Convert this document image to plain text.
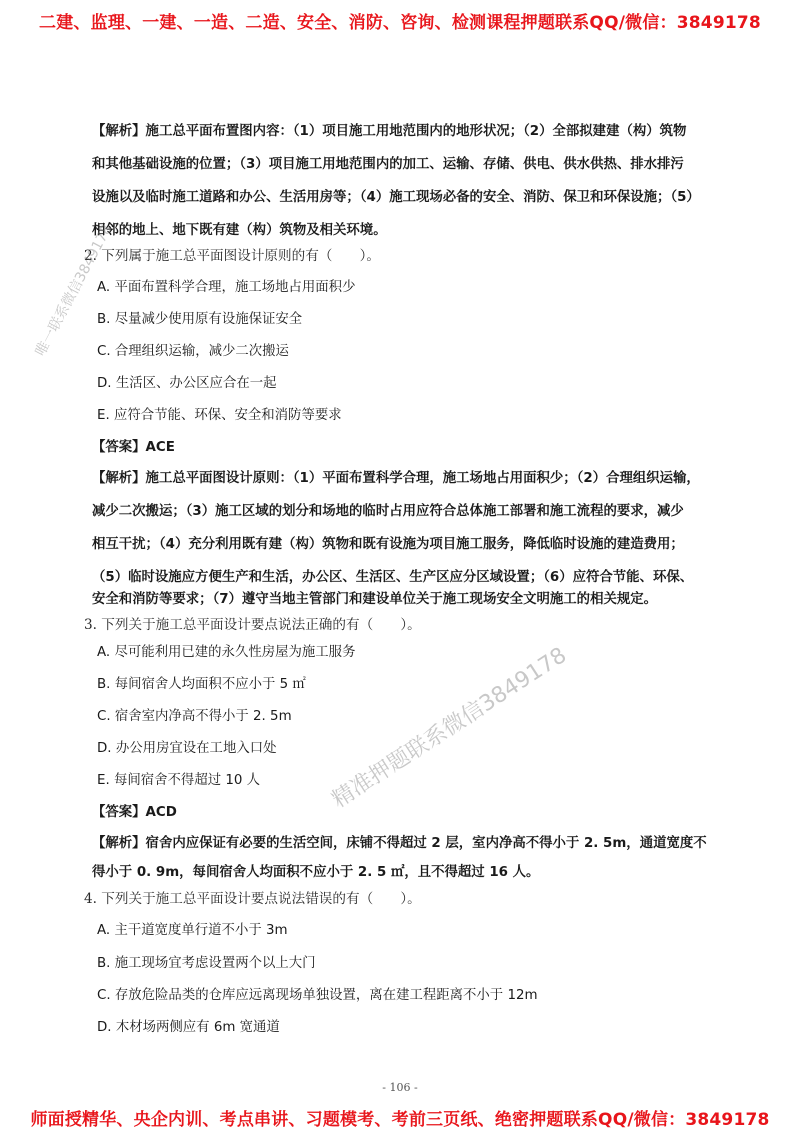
二建、监理、一建、一造、二造、安全、消防、咨询、检测课程押题联系QQ/微信：3849178
【解析】施工总平面布置图内容：（1）项目施工用地范围内的地形状况；（2）全部拟建建（构）筑物
和其他基础设施的位置；（3）项目施工用地范围内的加工、运输、存储、供电、供水供热、排水排污
设施以及临时施工道路和办公、生活用房等；（4）施工现场必备的安全、消防、保卫和环保设施；（5）
相邻的地上、地下既有建（构）筑物及相关环境。
2. 下列属于施工总平面图设计原则的有（　　）。
A. 平面布置科学合理，施工场地占用面积少
B. 尽量减少使用原有设施保证安全
C. 合理组织运输，减少二次搬运
D. 生活区、办公区应合在一起
E. 应符合节能、环保、安全和消防等要求
【答案】ACE
【解析】施工总平面图设计原则：（1）平面布置科学合理，施工场地占用面积少；（2）合理组织运输，
减少二次搬运；（3）施工区域的划分和场地的临时占用应符合总体施工部署和施工流程的要求，减少
相互干扰；（4）充分利用既有建（构）筑物和既有设施为项目施工服务，降低临时设施的建造费用；
（5）临时设施应方便生产和生活，办公区、生活区、生产区应分区域设置；（6）应符合节能、环保、
安全和消防等要求；（7）遵守当地主管部门和建设单位关于施工现场安全文明施工的相关规定。
3. 下列关于施工总平面设计要点说法正确的有（　　）。
A. 尽可能利用已建的永久性房屋为施工服务
B. 每间宿舍人均面积不应小于 5 ㎡
C. 宿舍室内净高不得小于 2. 5m
D. 办公用房宜设在工地入口处
E. 每间宿舍不得超过 10 人
【答案】ACD
【解析】宿舍内应保证有必要的生活空间，床铺不得超过 2 层，室内净高不得小于 2. 5m，通道宽度不
得小于 0. 9m，每间宿舍人均面积不应小于 2. 5 ㎡，且不得超过 16 人。
4. 下列关于施工总平面设计要点说法错误的有（　　）。
A. 主干道宽度单行道不小于 3m
B. 施工现场宜考虑设置两个以上大门
C. 存放危险品类的仓库应远离现场单独设置，离在建工程距离不小于 12m
D. 木材场两侧应有 6m 宽通道
唯一联系微信3849178
精准押题联系微信3849178
- 106 -
师面授精华、央企内训、考点串讲、习题模考、考前三页纸、绝密押题联系QQ/微信：3849178
